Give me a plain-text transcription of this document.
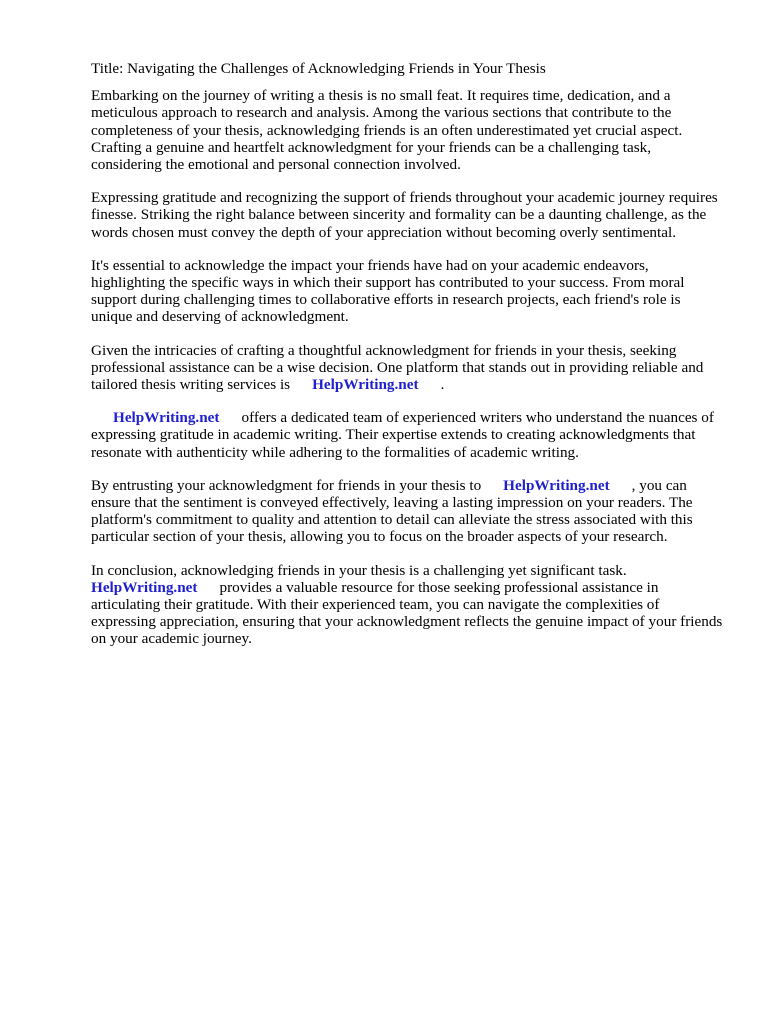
Title: Navigating the Challenges of Acknowledging Friends in Your Thesis

Embarking on the journey of writing a thesis is no small feat. It requires time, dedication, and a meticulous approach to research and analysis. Among the various sections that contribute to the completeness of your thesis, acknowledging friends is an often underestimated yet crucial aspect. Crafting a genuine and heartfelt acknowledgment for your friends can be a challenging task, considering the emotional and personal connection involved.

Expressing gratitude and recognizing the support of friends throughout your academic journey requires finesse. Striking the right balance between sincerity and formality can be a daunting challenge, as the words chosen must convey the depth of your appreciation without becoming overly sentimental.

It's essential to acknowledge the impact your friends have had on your academic endeavors, highlighting the specific ways in which their support has contributed to your success. From moral support during challenging times to collaborative efforts in research projects, each friend's role is unique and deserving of acknowledgment.

Given the intricacies of crafting a thoughtful acknowledgment for friends in your thesis, seeking professional assistance can be a wise decision. One platform that stands out in providing reliable and tailored thesis writing services is HelpWriting.net .

HelpWriting.net offers a dedicated team of experienced writers who understand the nuances of expressing gratitude in academic writing. Their expertise extends to creating acknowledgments that resonate with authenticity while adhering to the formalities of academic writing.

By entrusting your acknowledgment for friends in your thesis to HelpWriting.net , you can ensure that the sentiment is conveyed effectively, leaving a lasting impression on your readers. The platform's commitment to quality and attention to detail can alleviate the stress associated with this particular section of your thesis, allowing you to focus on the broader aspects of your research.

In conclusion, acknowledging friends in your thesis is a challenging yet significant task. HelpWriting.net provides a valuable resource for those seeking professional assistance in articulating their gratitude. With their experienced team, you can navigate the complexities of expressing appreciation, ensuring that your acknowledgment reflects the genuine impact of your friends on your academic journey.
